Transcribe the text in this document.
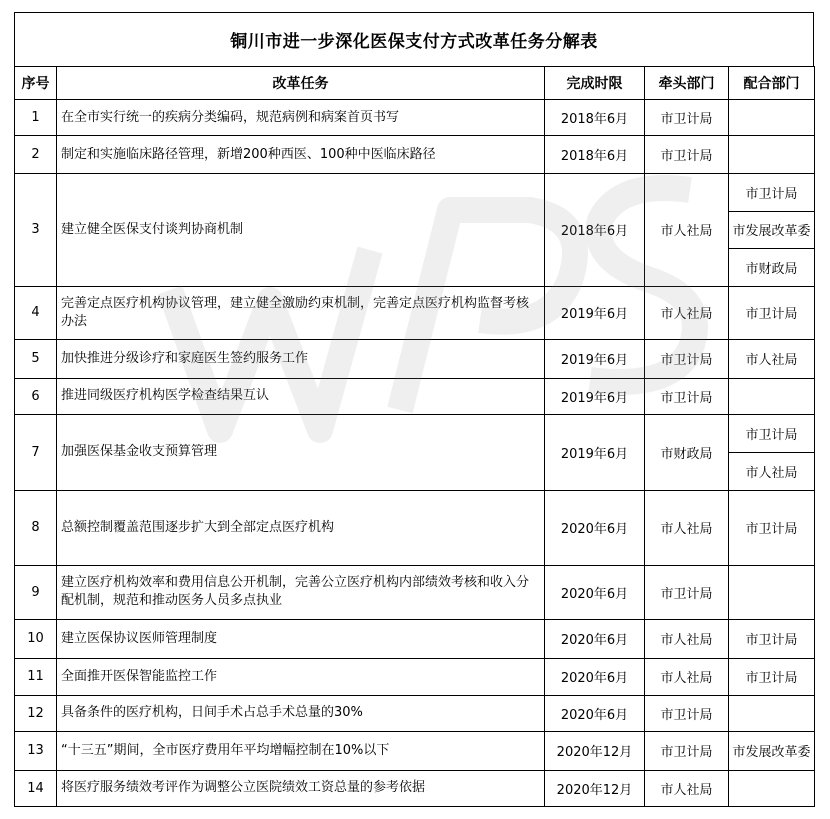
铜川市进一步深化医保支付方式改革任务分解表
序号	改革任务	完成时限	牵头部门	配合部门
1	在全市实行统一的疾病分类编码，规范病例和病案首页书写	2018年6月	市卫计局	
2	制定和实施临床路径管理，新增200种西医、100种中医临床路径	2018年6月	市卫计局	
3	建立健全医保支付谈判协商机制	2018年6月	市人社局	市卫计局
市发展改革委
市财政局

4	完善定点医疗机构协议管理，建立健全激励约束机制，完善定点医疗机构监督考核办法	2019年6月	市人社局	市卫计局

5	加快推进分级诊疗和家庭医生签约服务工作	2019年6月	市卫计局	市人社局

6	推进同级医疗机构医学检查结果互认	2019年6月	市卫计局	
7	加强医保基金收支预算管理	2019年6月	市财政局	市卫计局
市人社局

8	总额控制覆盖范围逐步扩大到全部定点医疗机构	2020年6月	市人社局	市卫计局

9	建立医疗机构效率和费用信息公开机制，完善公立医疗机构内部绩效考核和收入分配机制，规范和推动医务人员多点执业	2020年6月	市卫计局	
10	建立医保协议医师管理制度	2020年6月	市人社局	市卫计局

11	全面推开医保智能监控工作	2020年6月	市人社局	市卫计局

12	具备条件的医疗机构，日间手术占总手术总量的30%	2020年6月	市卫计局	
13	“十三五”期间，全市医疗费用年平均增幅控制在10%以下	2020年12月	市卫计局	市发展改革委

14	将医疗服务绩效考评作为调整公立医院绩效工资总量的参考依据	2020年12月	市人社局	
